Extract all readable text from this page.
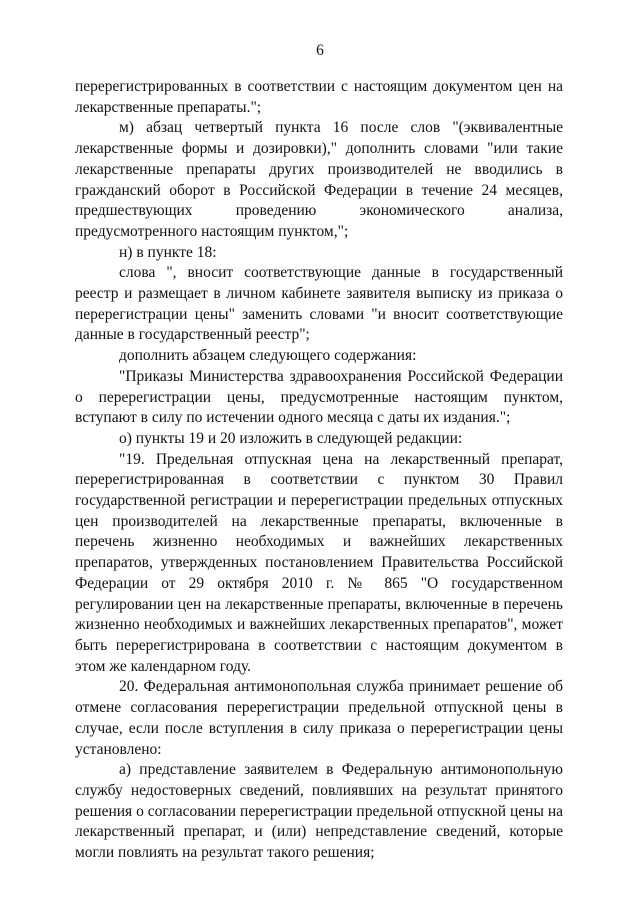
6

перерегистрированных в соответствии с настоящим документом цен на лекарственные препараты.";

м) абзац четвертый пункта 16 после слов "(эквивалентные лекарственные формы и дозировки)," дополнить словами "или такие лекарственные препараты других производителей не вводились в гражданский оборот в Российской Федерации в течение 24 месяцев, предшествующих проведению экономического анализа, предусмотренного настоящим пунктом,";

н) в пункте 18:

слова ", вносит соответствующие данные в государственный реестр и размещает в личном кабинете заявителя выписку из приказа о перерегистрации цены" заменить словами "и вносит соответствующие данные в государственный реестр";

дополнить абзацем следующего содержания:

"Приказы Министерства здравоохранения Российской Федерации о перерегистрации цены, предусмотренные настоящим пунктом, вступают в силу по истечении одного месяца с даты их издания.";

о) пункты 19 и 20 изложить в следующей редакции:

"19. Предельная отпускная цена на лекарственный препарат, перерегистрированная в соответствии с пунктом 30 Правил государственной регистрации и перерегистрации предельных отпускных цен производителей на лекарственные препараты, включенные в перечень жизненно необходимых и важнейших лекарственных препаратов, утвержденных постановлением Правительства Российской Федерации от 29 октября 2010 г. № 865 "О государственном регулировании цен на лекарственные препараты, включенные в перечень жизненно необходимых и важнейших лекарственных препаратов", может быть перерегистрирована в соответствии с настоящим документом в этом же календарном году.

20. Федеральная антимонопольная служба принимает решение об отмене согласования перерегистрации предельной отпускной цены в случае, если после вступления в силу приказа о перерегистрации цены установлено:

а) представление заявителем в Федеральную антимонопольную службу недостоверных сведений, повлиявших на результат принятого решения о согласовании перерегистрации предельной отпускной цены на лекарственный препарат, и (или) непредставление сведений, которые могли повлиять на результат такого решения;
